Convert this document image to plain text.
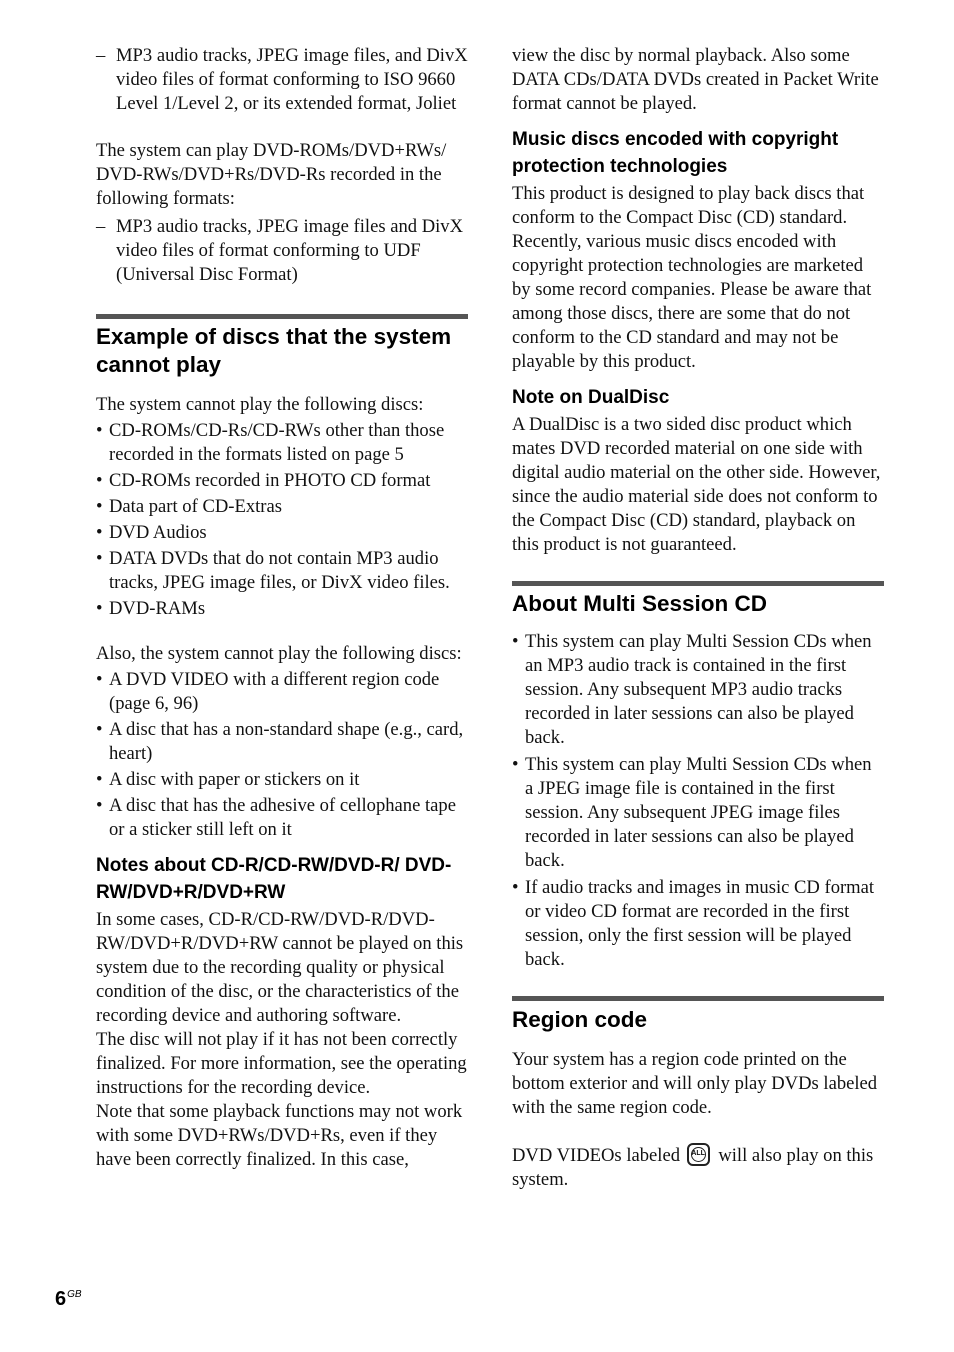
– MP3 audio tracks, JPEG image files, and DivX video files of format conforming to ISO 9660 Level 1/Level 2, or its extended format, Joliet

The system can play DVD-ROMs/DVD+RWs/ DVD-RWs/DVD+Rs/DVD-Rs recorded in the following formats:

– MP3 audio tracks, JPEG image files and DivX video files of format conforming to UDF (Universal Disc Format)

Example of discs that the system cannot play

The system cannot play the following discs:

• CD-ROMs/CD-Rs/CD-RWs other than those recorded in the formats listed on page 5
• CD-ROMs recorded in PHOTO CD format
• Data part of CD-Extras
• DVD Audios
• DATA DVDs that do not contain MP3 audio tracks, JPEG image files, or DivX video files.
• DVD-RAMs

Also, the system cannot play the following discs:

• A DVD VIDEO with a different region code (page 6, 96)
• A disc that has a non-standard shape (e.g., card, heart)
• A disc with paper or stickers on it
• A disc that has the adhesive of cellophane tape or a sticker still left on it
Notes about CD-R/CD-RW/DVD-R/ DVD-RW/DVD+R/DVD+RW

In some cases, CD-R/CD-RW/DVD-R/DVD-RW/DVD+R/DVD+RW cannot be played on this system due to the recording quality or physical condition of the disc, or the characteristics of the recording device and authoring software.

The disc will not play if it has not been correctly finalized. For more information, see the operating instructions for the recording device.

Note that some playback functions may not work with some DVD+RWs/DVD+Rs, even if they have been correctly finalized. In this case,

view the disc by normal playback. Also some DATA CDs/DATA DVDs created in Packet Write format cannot be played.

Music discs encoded with copyright protection technologies

This product is designed to play back discs that conform to the Compact Disc (CD) standard. Recently, various music discs encoded with copyright protection technologies are marketed by some record companies. Please be aware that among those discs, there are some that do not conform to the CD standard and may not be playable by this product.

Note on DualDisc

A DualDisc is a two sided disc product which mates DVD recorded material on one side with digital audio material on the other side. However, since the audio material side does not conform to the Compact Disc (CD) standard, playback on this product is not guaranteed.

About Multi Session CD
• This system can play Multi Session CDs when an MP3 audio track is contained in the first session. Any subsequent MP3 audio tracks recorded in later sessions can also be played back.
• This system can play Multi Session CDs when a JPEG image file is contained in the first session. Any subsequent JPEG image files recorded in later sessions can also be played back.
• If audio tracks and images in music CD format or video CD format are recorded in the first session, only the first session will be played back.
Region code

Your system has a region code printed on the bottom exterior and will only play DVDs labeled with the same region code.

DVD VIDEOs labeled	ALL will also play on this system.

$6^{GB}$
